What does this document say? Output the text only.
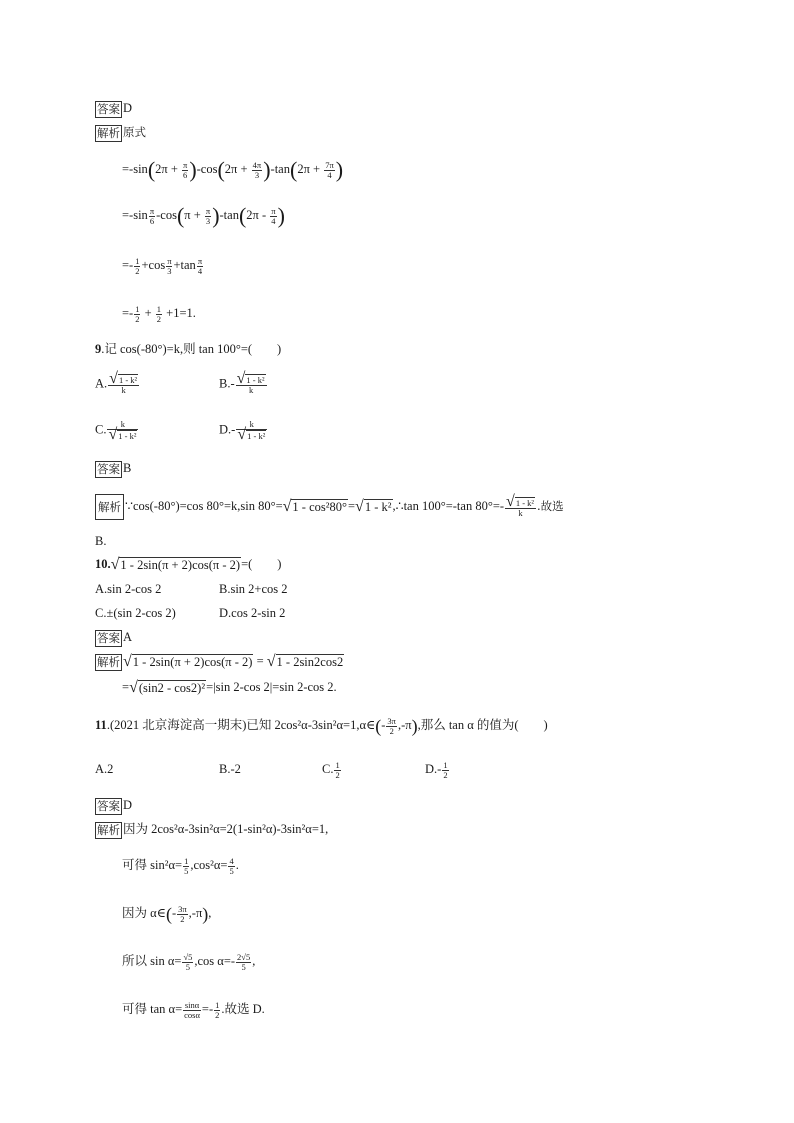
答案 D
解析 原式
$=-\sin(2\pi + \frac{\pi}{6} )-\cos(2\pi + \frac{4\pi}{3} )-\tan(2\pi + \frac{7\pi}{4}$ )
$=-\sin \frac{\pi}{6} -\cos(\pi + \frac{\pi}{3} )-\tan(2\pi - \frac{\pi}{4}$ )
=- $\frac{1}{2} +\cos \frac{\pi}{3} +\tan \frac{\pi}{4}$
=- $\frac{1}{2} + \frac{1}{2} +1=1$.
9.记 cos(-80°)=k,则 tan 100°=(　　)
A. $\frac{\text{√1 - k²}}{k}$	$B.- \frac{\text{√1 - k²}}{k}$
C. $\frac{k}{\text{√1 - k²}}$	$D.- \frac{k}{\text{√1 - k²}}$
答案 B
解析 ∵cos(-80°)=cos 80°=k,sin 80°=√1 - cos²80°=√1 - k²,∴tan 100°=-tan $80^\circ=- \frac{\text{√1 - k²}}{k}$ .故选
B.
10.√1 - 2sin(π + 2)cos(π - 2)=(　　)
A.sin 2-cos 2	B.sin 2+cos 2
C.±(sin 2-cos 2)	D.cos 2-sin 2
答案 A
解析 √1 - 2sin(π + 2)cos(π - 2) = √1 - 2sin2cos2
=√(sin2 - cos2)²=|sin 2-cos 2|=sin 2-cos 2.
11.(2021 北京海淀高一期末)已知 2cos²α-3sin²α=1,α∈(- $\frac{3\pi}{2} ,-\pi$),那么 tan α 的值为(　　)
A.2	B.-2	C. $\frac{1}{2}$	$D.- \frac{1}{2}$
答案 D
解析 因为 2cos²α-3sin²α=2(1-sin²α)-3sin²α=1,
可得 $\sin^2\alpha= \frac{1}{5} ,\cos^2\alpha= \frac{4}{5}$ .
因为 α∈(- $\frac{3\pi}{2} ,-\pi$),
所以 $\sin \alpha= \frac{√5}{5} ,\cos$ $\alpha=- \frac{2√5}{5}$ ,
可得 $\tan \alpha= \frac{\sin\alpha}{\cos\alpha} =- \frac{1}{2}$ .故选 D.
